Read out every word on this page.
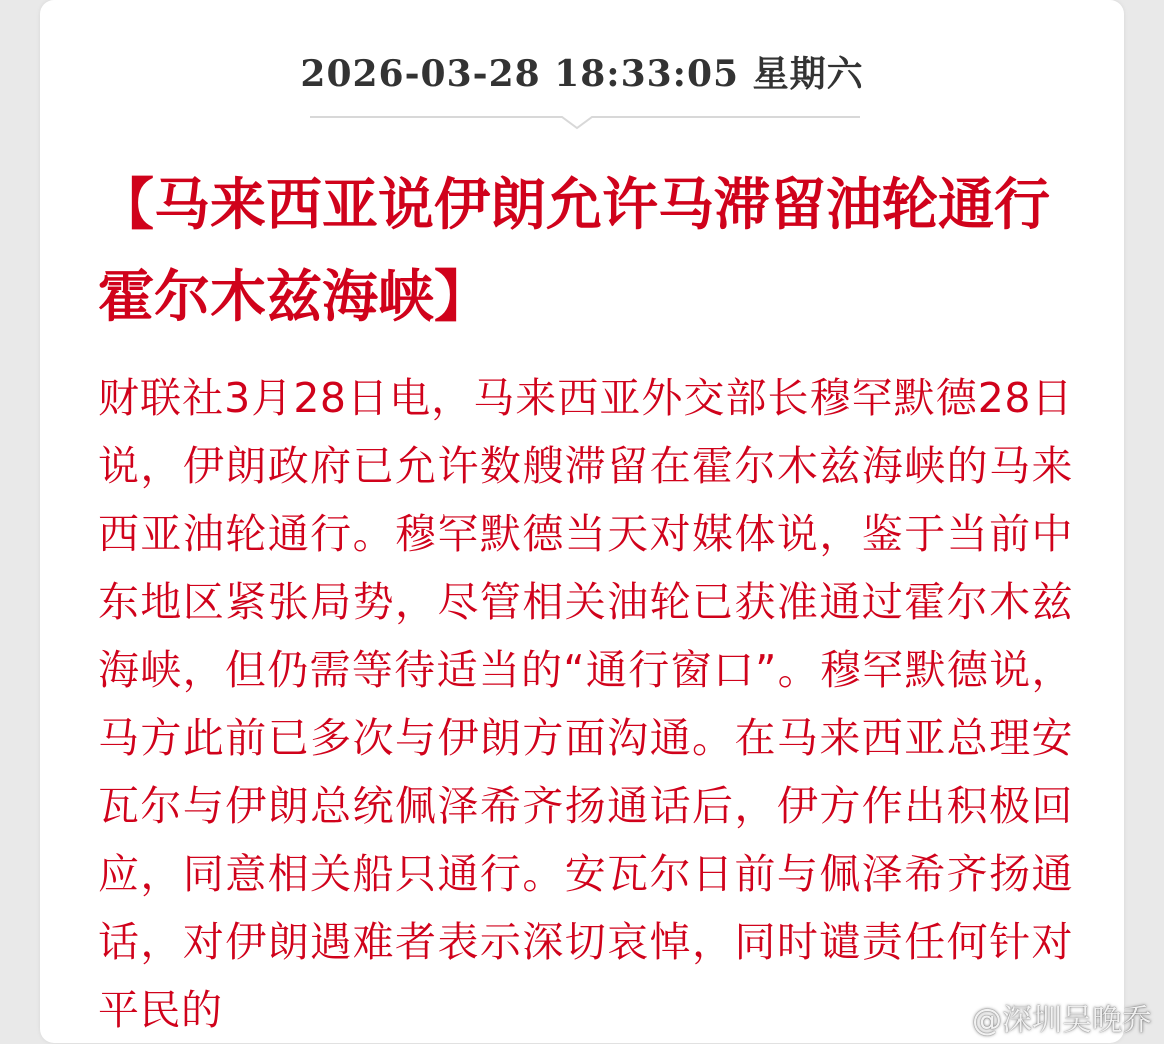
2026-03-28 18:33:05 星期六
【马来西亚说伊朗允许马滞留油轮通行霍尔木兹海峡】

财联社3月28日电，马来西亚外交部长穆罕默德28日说，伊朗政府已允许数艘滞留在霍尔木兹海峡的马来西亚油轮通行。穆罕默德当天对媒体说，鉴于当前中东地区紧张局势，尽管相关油轮已获准通过霍尔木兹海峡，但仍需等待适当的“通行窗口”。穆罕默德说，马方此前已多次与伊朗方面沟通。在马来西亚总理安瓦尔与伊朗总统佩泽希齐扬通话后，伊方作出积极回应，同意相关船只通行。安瓦尔日前与佩泽希齐扬通话，对伊朗遇难者表示深切哀悼，同时谴责任何针对平民的	@深圳吴晚乔
